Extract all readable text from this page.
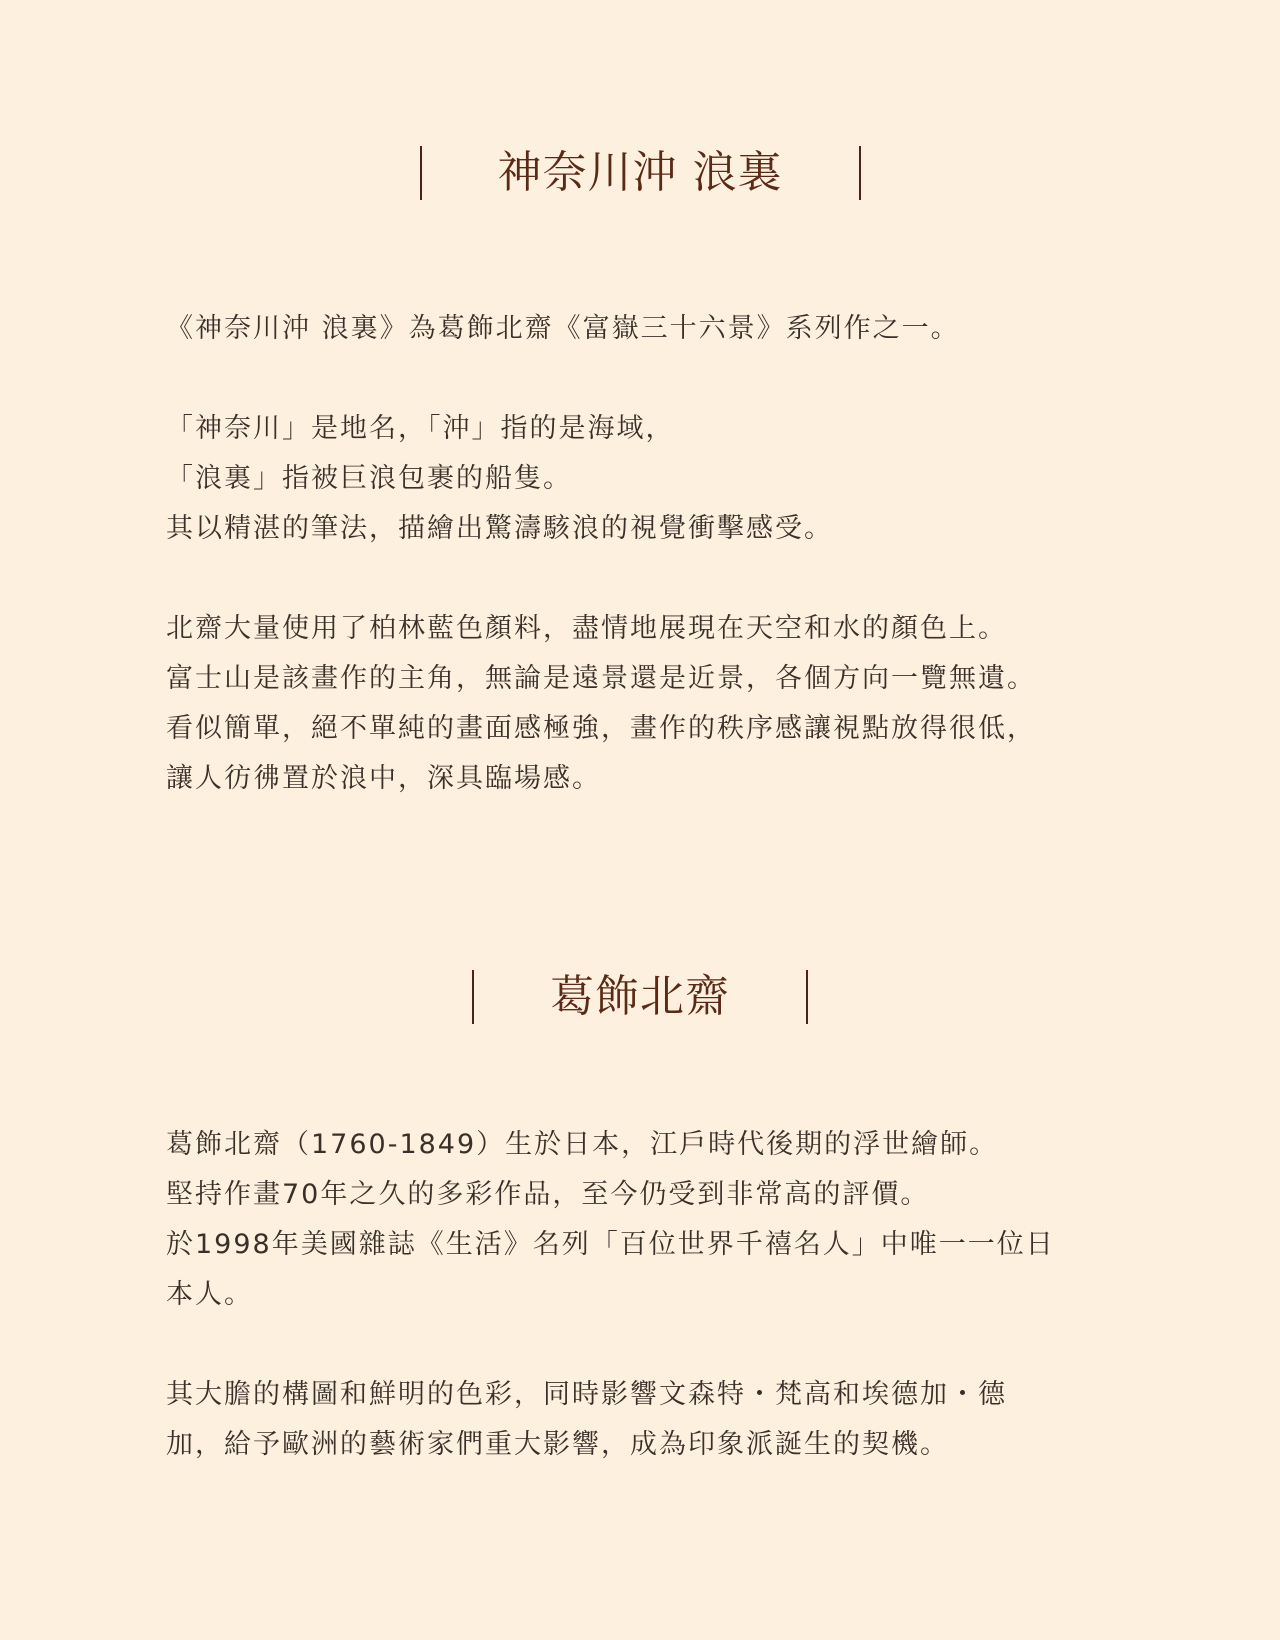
神奈川沖 浪裏

《神奈川沖 浪裏》為葛飾北齋《富嶽三十六景》系列作之一。

「神奈川」是地名，「沖」指的是海域，
「浪裏」指被巨浪包裹的船隻。
其以精湛的筆法，描繪出驚濤駭浪的視覺衝擊感受。

北齋大量使用了柏林藍色顏料，盡情地展現在天空和水的顏色上。
富士山是該畫作的主角，無論是遠景還是近景，各個方向一覽無遺。
看似簡單，絕不單純的畫面感極強，畫作的秩序感讓視點放得很低，
讓人彷彿置於浪中，深具臨場感。

葛飾北齋

葛飾北齋（1760-1849）生於日本，江戶時代後期的浮世繪師。
堅持作畫70年之久的多彩作品，至今仍受到非常高的評價。
於1998年美國雜誌《生活》名列「百位世界千禧名人」中唯一一位日
本人。

其大膽的構圖和鮮明的色彩，同時影響文森特・梵高和埃德加・德
加，給予歐洲的藝術家們重大影響，成為印象派誕生的契機。
